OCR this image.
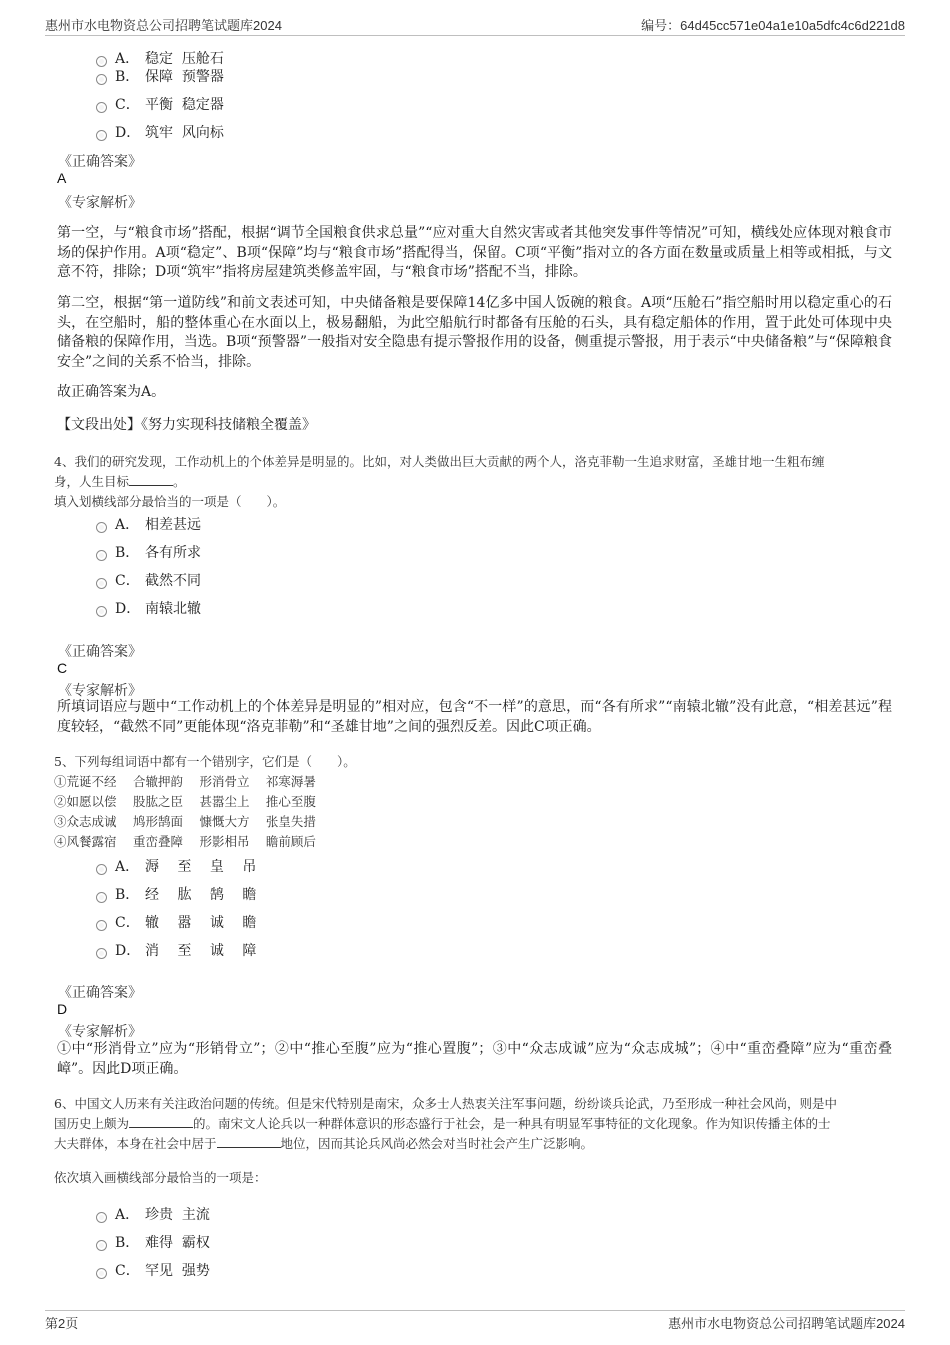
惠州市水电物资总公司招聘笔试题库2024	编号：64d45cc571e04a1e10a5dfc4c6d221d8
A． 稳定  压舱石
B． 保障  预警器
C． 平衡  稳定器
D． 筑牢  风向标
《正确答案》
A
《专家解析》
第一空，与“粮食市场”搭配，根据“调节全国粮食供求总量”“应对重大自然灾害或者其他突发事件等情况”可知，横线处应体现对粮食市场的保护作用。A项“稳定”、B项“保障”均与“粮食市场”搭配得当，保留。C项“平衡”指对立的各方面在数量或质量上相等或相抵，与文意不符，排除；D项“筑牢”指将房屋建筑类修盖牢固，与“粮食市场”搭配不当，排除。
第二空，根据“第一道防线”和前文表述可知，中央储备粮是要保障14亿多中国人饭碗的粮食。A项“压舱石”指空船时用以稳定重心的石头，在空船时，船的整体重心在水面以上，极易翻船，为此空船航行时都备有压舱的石头，具有稳定船体的作用，置于此处可体现中央储备粮的保障作用，当选。B项“预警器”一般指对安全隐患有提示警报作用的设备，侧重提示警报，用于表示“中央储备粮”与“保障粮食安全”之间的关系不恰当，排除。
故正确答案为A。
【文段出处】《努力实现科技储粮全覆盖》
4、我们的研究发现，工作动机上的个体差异是明显的。比如，对人类做出巨大贡献的两个人，洛克菲勒一生追求财富，圣雄甘地一生粗布缠
身，人生目标	。
填入划横线部分最恰当的一项是（　　）。
A． 相差甚远
B． 各有所求
C． 截然不同
D． 南辕北辙
《正确答案》
C
《专家解析》
所填词语应与题中“工作动机上的个体差异是明显的”相对应，包含“不一样”的意思，而“各有所求”“南辕北辙”没有此意，“相差甚远”程度较轻，“截然不同”更能体现“洛克菲勒”和“圣雄甘地”之间的强烈反差。因此C项正确。
5、下列每组词语中都有一个错别字，它们是（　　）。
①荒诞不经　 合辙押韵　 形消骨立　 祁寒溽暑
②如愿以偿　 股肱之臣　 甚嚣尘上　 推心至腹
③众志成诚　 鸠形鹄面　 慷慨大方　 张皇失措
④风餐露宿　 重峦叠障　 形影相吊　 瞻前顾后
A． 溽　 至　 皇　 吊
B． 经　 肱　 鹄　 瞻
C． 辙　 嚣　 诚　 瞻
D． 消　 至　 诚　 障
《正确答案》
D
《专家解析》
①中“形消骨立”应为“形销骨立”；②中“推心至腹”应为“推心置腹”；③中“众志成诚”应为“众志成城”；④中“重峦叠障”应为“重峦叠嶂”。因此D项正确。
6、中国文人历来有关注政治问题的传统。但是宋代特别是南宋，众多士人热衷关注军事问题，纷纷谈兵论武，乃至形成一种社会风尚，则是中
国历史上颇为	的。南宋文人论兵以一种群体意识的形态盛行于社会，是一种具有明显军事特征的文化现象。作为知识传播主体的士
大夫群体，本身在社会中居于	地位，因而其论兵风尚必然会对当时社会产生广泛影响。
依次填入画横线部分最恰当的一项是：
A． 珍贵  主流
B． 难得  霸权
C． 罕见  强势
第2页	惠州市水电物资总公司招聘笔试题库2024
